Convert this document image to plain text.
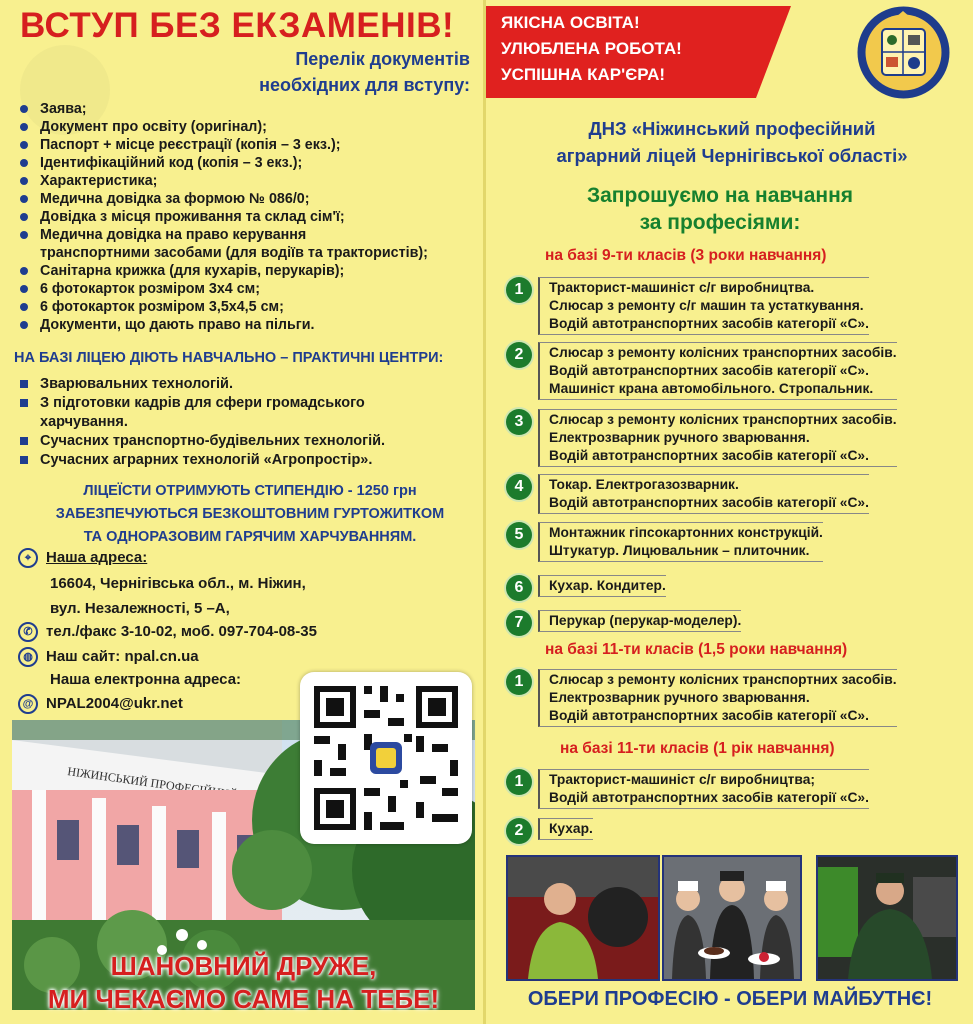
ВСТУП БЕЗ ЕКЗАМЕНІВ!
Перелік документів
необхідних для вступу:
Заява;
Документ про освіту (оригінал);
Паспорт + місце реєстрації (копія – 3 екз.);
Ідентифікаційний код (копія – 3 екз.);
Характеристика;
Медична довідка за формою № 086/0;
Довідка з місця проживання та склад сім'ї;
Медична довідка на право керування
транспортними засобами (для водіїв та трактористів);
Санітарна крижка (для кухарів, перукарів);
6 фотокарток розміром 3х4 см;
6 фотокарток розміром 3,5х4,5 см;
Документи, що дають право на пільги.
НА БАЗІ ЛІЦЕЮ ДІЮТЬ НАВЧАЛЬНО – ПРАКТИЧНІ ЦЕНТРИ:
Зварювальних технологій.
З підготовки кадрів для сфери громадського
харчування.
Сучасних транспортно-будівельних технологій.
Сучасних аграрних технологій «Агропростір».
ЛІЦЕЇСТИ ОТРИМУЮТЬ СТИПЕНДІЮ - 1250 грн
ЗАБЕЗПЕЧУЮТЬСЯ БЕЗКОШТОВНИМ ГУРТОЖИТКОМ
ТА ОДНОРАЗОВИМ ГАРЯЧИМ ХАРЧУВАННЯМ.
⌖ Наша адреса:
16604, Чернігівська обл., м. Ніжин,
вул. Незалежності, 5 –А,
✆ тел./факс 3-10-02, моб. 097-704-08-35
◍ Наш сайт: npal.cn.ua
Наша електронна адреса:
@ NPAL2004@ukr.net
НІЖИНСЬКИЙ ПРОФЕСІЙНИЙ
ШАНОВНИЙ ДРУЖЕ,
МИ ЧЕКАЄМО САМЕ НА ТЕБЕ!
ЯКІСНА ОСВІТА!
УЛЮБЛЕНА РОБОТА!
УСПІШНА КАР'ЄРА!
ДНЗ «Ніжинський професійний
аграрний ліцей Чернігівської області»
Запрошуємо на навчання
за професіями:
на базі 9-ти класів (3 роки навчання)
1	Тракторист-машиніст с/г виробництва.
Слюсар з ремонту с/г машин та устаткування.
Водій автотранспортних засобів категорії «С».
2	Слюсар з ремонту колісних транспортних засобів.
Водій автотранспортних засобів категорії «С».
Машиніст крана автомобільного. Стропальник.
3	Слюсар з ремонту колісних транспортних засобів.
Електрозварник ручного зварювання.
Водій автотранспортних засобів категорії «С».
4	Токар. Електрогазозварник.
Водій автотранспортних засобів категорії «С».
5	Монтажник гіпсокартонних конструкцій.
Штукатур. Лицювальник – плиточник.
6	Кухар. Кондитер.
7	Перукар (перукар-моделер).
на базі 11-ти класів (1,5 роки навчання)
1	Слюсар з ремонту колісних транспортних засобів.
Електрозварник ручного зварювання.
Водій автотранспортних засобів категорії «С».
на базі 11-ти класів (1 рік навчання)
1	Тракторист-машиніст с/г виробництва;
Водій автотранспортних засобів категорії «С».
2	Кухар.
ОБЕРИ ПРОФЕСІЮ - ОБЕРИ МАЙБУТНЄ!
